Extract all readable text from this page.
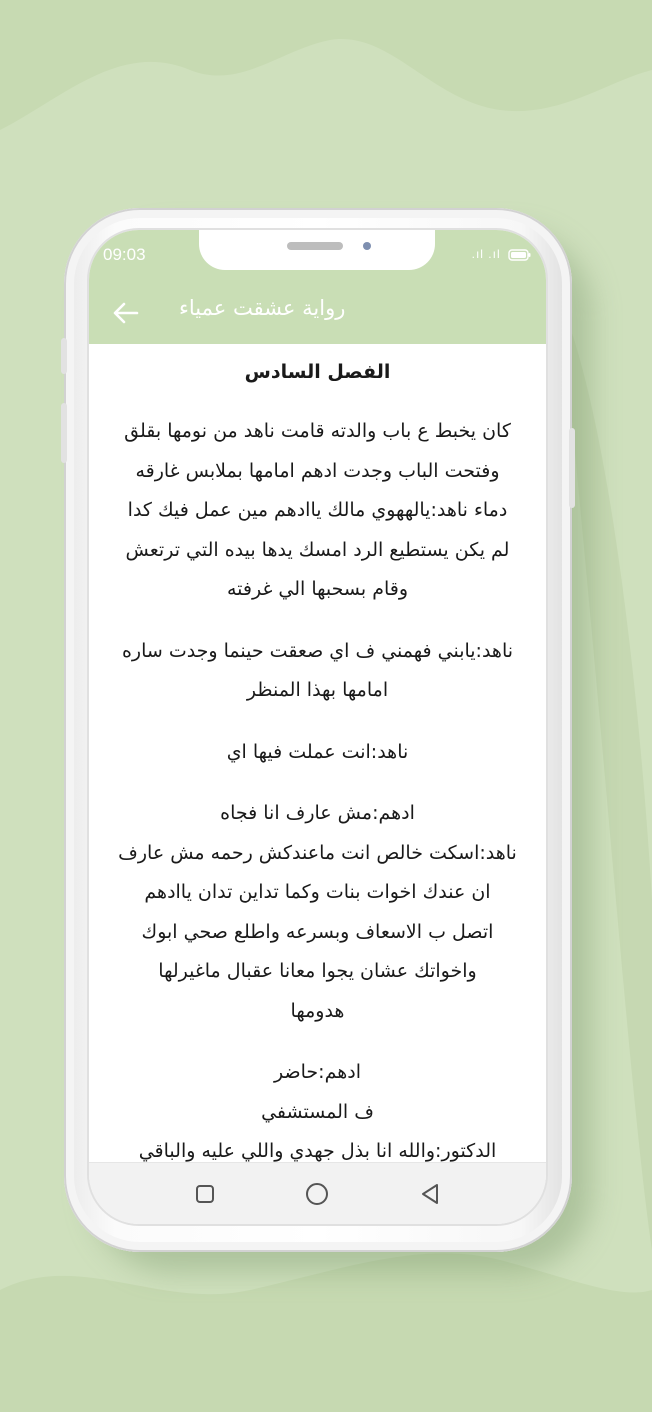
09:03	.ıl .ıl
رواية عشقت عمياء
الفصل السادس
كان يخبط ع باب والدته قامت ناهد من نومها بقلق
وفتحت الباب وجدت ادهم امامها بملابس غارقه
دماء ناهد:يالههوي مالك ياادهم مين عمل فيك كدا
لم يكن يستطيع الرد امسك يدها بيده التي ترتعش
وقام بسحبها الي غرفته
ناهد:يابني فهمني ف اي صعقت حينما وجدت ساره
امامها بهذا المنظر
ناهد:انت عملت فيها اي
ادهم:مش عارف انا فجاه
ناهد:اسكت خالص انت ماعندكش رحمه مش عارف
ان عندك اخوات بنات وكما تداين تدان ياادهم
اتصل ب الاسعاف وبسرعه واطلع صحي ابوك
واخواتك عشان يجوا معانا عقبال ماغيرلها
هدومها
ادهم:حاضر
ف المستشفي
الدكتور:والله انا بذل جهدي واللي عليه والباقي
